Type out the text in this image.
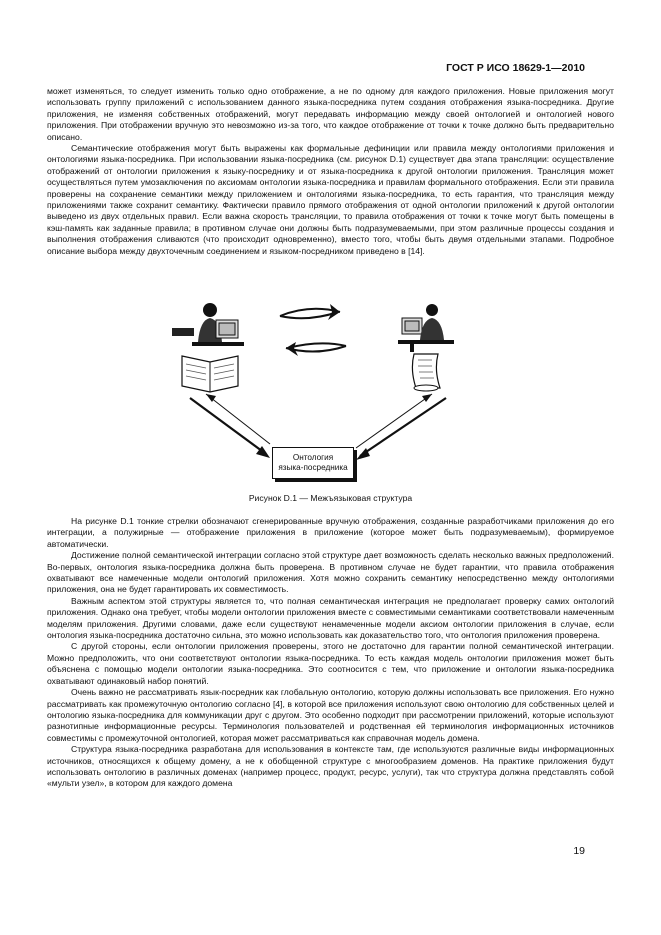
ГОСТ Р ИСО 18629-1—2010

может изменяться, то следует изменить только одно отображение, а не по одному для каждого приложения. Новые приложения могут использовать группу приложений с использованием данного языка-посредника путем создания отображения языка-посредника. Другие приложения, не изменяя собственных отображений, могут передавать информацию между своей онтологией и онтологией нового приложения. При отображении вручную это невозможно из-за того, что каждое отображение от точки к точке должно быть предварительно описано.

Семантические отображения могут быть выражены как формальные дефиниции или правила между онтологиями приложения и онтологиями языка-посредника. При использовании языка-посредника (см. рисунок D.1) существует два этапа трансляции: осуществление отображений от онтологии приложения к языку-посреднику и от языка-посредника к другой онтологии приложения. Трансляция может осуществляться путем умозаключения по аксиомам онтологии языка-посредника и правилам формального отображения. Если эти правила проверены на сохранение семантики между приложением и онтологиями языка-посредника, то есть гарантия, что трансляция между приложениями также сохранит семантику. Фактически правило прямого отображения от одной онтологии приложений к другой онтологии выведено из двух отдельных правил. Если важна скорость трансляции, то правила отображения от точки к точке могут быть помещены в кэш-память как заданные правила; в противном случае они должны быть подразумеваемыми, при этом различные процессы создания и выполнения отображения сливаются (что происходит одновременно), вместо того, чтобы быть двумя отдельными этапами. Подробное описание выбора между двухточечным соединением и языком-посредником приведено в [14].

Онтология
языка-посредника
Рисунок D.1 — Межъязыковая структура

На рисунке D.1 тонкие стрелки обозначают сгенерированные вручную отображения, созданные разработчиками приложения до его интеграции, а полужирные — отображение приложения в приложение (которое может быть подразумеваемым), формируемое автоматически.

Достижение полной семантической интеграции согласно этой структуре дает возможность сделать несколько важных предположений. Во-первых, онтология языка-посредника должна быть проверена. В противном случае не будет гарантии, что правила отображения охватывают все намеченные модели онтологий приложения. Хотя можно сохранить семантику непосредственно между онтологиями приложения, она не будет гарантировать их совместимость.

Важным аспектом этой структуры является то, что полная семантическая интеграция не предполагает проверку самих онтологий приложения. Однако она требует, чтобы модели онтологии приложения вместе с совместимыми семантиками соответствовали намеченным моделям приложения. Другими словами, даже если существуют ненамеченные модели аксиом онтологии приложения в случае, если онтология языка-посредника достаточно сильна, это можно использовать как доказательство того, что онтология приложения проверена.

С другой стороны, если онтологии приложения проверены, этого не достаточно для гарантии полной семантической интеграции. Можно предположить, что они соответствуют онтологии языка-посредника. То есть каждая модель онтологии приложения может быть объяснена с помощью модели онтологии языка-посредника. Это соотносится с тем, что приложение и онтологии языка-посредника охватывают одинаковый набор понятий.

Очень важно не рассматривать язык-посредник как глобальную онтологию, которую должны использовать все приложения. Его нужно рассматривать как промежуточную онтологию согласно [4], в которой все приложения используют свою онтологию для собственных целей и онтологию языка-посредника для коммуникации друг с другом. Это особенно подходит при рассмотрении приложений, которые используют разнотипные информационные ресурсы. Терминология пользователей и родственная ей терминология информационных источников совместимы с промежуточной онтологией, которая может рассматриваться как справочная модель домена.

Структура языка-посредника разработана для использования в контексте там, где используются различные виды информационных источников, относящихся к общему домену, а не к обобщенной структуре с многообразием доменов. На практике приложения будут использовать онтологию в различных доменах (например процесс, продукт, ресурс, услуги), так что структура должна представлять собой «мульти узел», в котором для каждого домена

19
